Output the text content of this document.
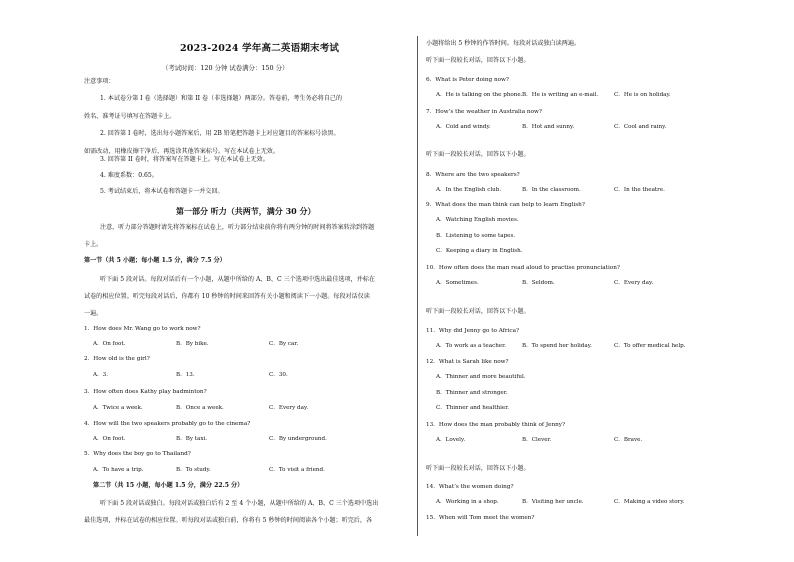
2023-2024 学年高二英语期末考试
（考试时间：120 分钟 试卷满分：150 分）
注意事项：
1. 本试卷分第 I 卷（选择题）和第 II 卷（非选择题）两部分。答卷前，考生务必将自己的
姓名、准考证号填写在答题卡上。
2. 回答第 I 卷时，选出每小题答案后，用 2B 铅笔把答题卡上对应题目的答案标号涂黑。
如需改动，用橡皮擦干净后，再选涂其他答案标号。写在本试卷上无效。
3. 回答第 II 卷时，将答案写在答题卡上。写在本试卷上无效。
4. 难度系数：0.65。
5. 考试结束后，将本试卷和答题卡一并交回。
第一部分 听力（共两节，满分 30 分）
注意，听力部分答题时请先将答案标在试卷上，听力部分结束前你将有两分钟的时间将答案转涂到答题
卡上。
第一节（共 5 小题；每小题 1.5 分，满分 7.5 分）
听下面 5 段对话。每段对话后有一个小题，从题中所给的 A、B、C 三个选项中选出最佳选项，并标在
试卷的相应位置。听完每段对话后，你都有 10 秒钟的时间来回答有关小题和阅读下一小题。每段对话仅读
一遍。
1．How does Mr. Wang go to work now?
A．On foot.	B．By bike.	C．By car.
2．How old is the girl?
A．3.	B．13.	C．30.
3．How often does Kathy play badminton?
A．Twice a week.	B．Once a week.	C．Every day.
4．How will the two speakers probably go to the cinema?
A．On foot.	B．By taxi.	C．By underground.
5．Why does the boy go to Thailand?
A．To have a trip.	B．To study.	C．To visit a friend.
第二节（共 15 小题，每小题 1.5 分，满分 22.5 分）
听下面 5 段对话或独白。每段对话或独白后有 2 至 4 个小题，从题中所给的 A、B、C 三个选项中选出
最佳选项，并标在试卷的相应位置。听每段对话或独白前，你将有 5 秒钟的时间阅读各个小题；听完后，各
小题将给出 5 秒钟的作答时间。每段对话或独白读两遍。
听下面一段较长对话，回答以下小题。
6．What is Peter doing now?
A．He is talking on the phone. B．He is writing an e-mail.	C．He is on holiday.
7．How’s the weather in Australia now?
A．Cold and windy.	B．Hot and sunny.	C．Cool and rainy.
听下面一段较长对话，回答以下小题。
8．Where are the two speakers?
A．In the English club.	B．In the classroom.	C．In the theatre.
9．What does the man think can help to learn English?
A．Watching English movies.
B．Listening to some tapes.
C．Keeping a diary in English.
10．How often does the man read aloud to practise pronunciation?
A．Sometimes.	B．Seldom.	C．Every day.
听下面一段较长对话，回答以下小题。
11．Why did Jenny go to Africa?
A．To work as a teacher.	B．To spend her holiday.	C．To offer medical help.
12．What is Sarah like now?
A．Thinner and more beautiful.
B．Thinner and stronger.
C．Thinner and healthier.
13．How does the man probably think of Jenny?
A．Lovely.	B．Clever.	C．Brave.
听下面一段较长对话，回答以下小题。
14．What’s the women doing?
A．Working in a shop.	B．Visiting her uncle.	C．Making a video story.
15．When will Tom meet the women?
